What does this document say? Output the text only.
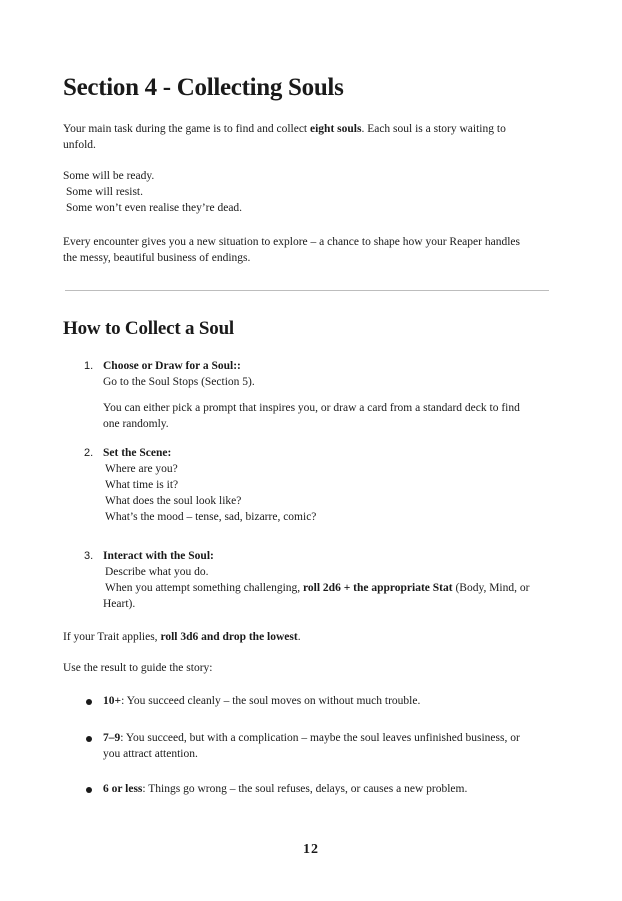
Section 4 - Collecting Souls

Your main task during the game is to find and collect eight souls. Each soul is a story waiting to

unfold.

Some will be ready.

Some will resist.

Some won’t even realise they’re dead.

Every encounter gives you a new situation to explore – a chance to shape how your Reaper handles

the messy, beautiful business of endings.

How to Collect a Soul
1. Choose or Draw for a Soul::

Go to the Soul Stops (Section 5).

You can either pick a prompt that inspires you, or draw a card from a standard deck to find

one randomly.

2. Set the Scene:

Where are you?

What time is it?

What does the soul look like?

What’s the mood – tense, sad, bizarre, comic?

3. Interact with the Soul:

Describe what you do.

When you attempt something challenging, roll 2d6 + the appropriate Stat (Body, Mind, or

Heart).

If your Trait applies, roll 3d6 and drop the lowest.

Use the result to guide the story:

10+: You succeed cleanly – the soul moves on without much trouble.

7–9: You succeed, but with a complication – maybe the soul leaves unfinished business, or

you attract attention.

6 or less: Things go wrong – the soul refuses, delays, or causes a new problem.

12
